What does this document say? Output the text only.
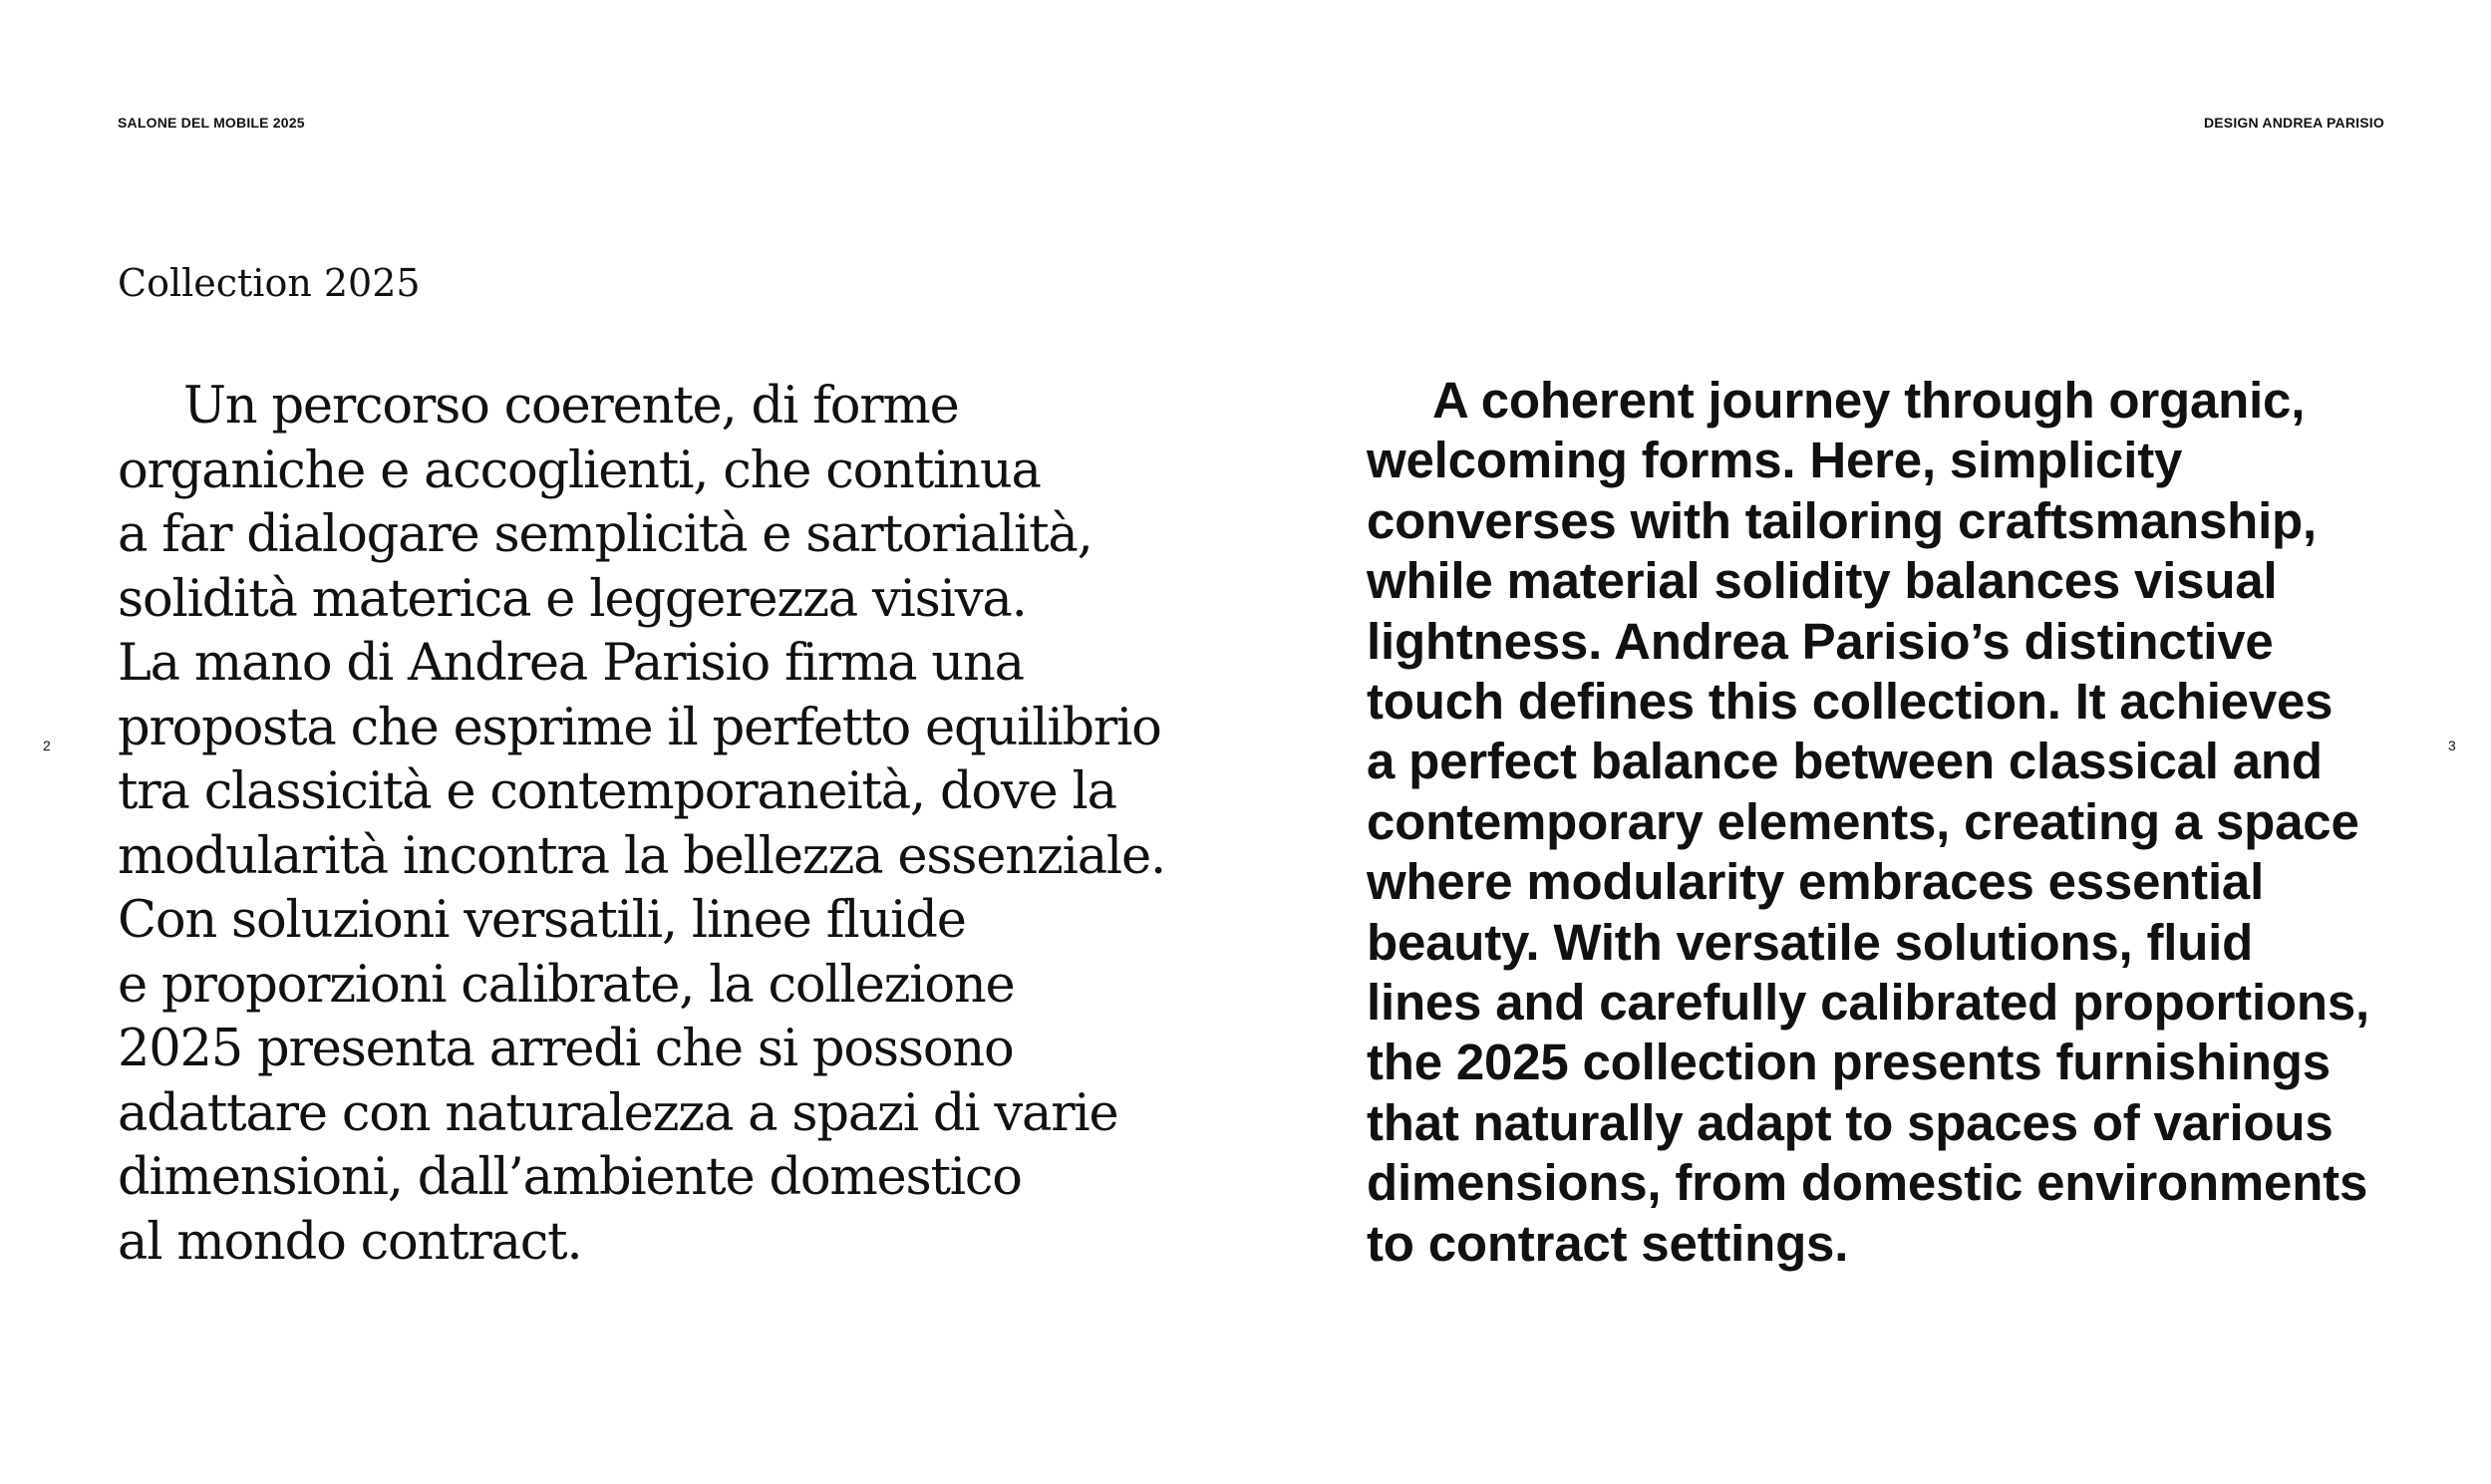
SALONE DEL MOBILE 2025	DESIGN ANDREA PARISIO
2	3
Collection 2025
Un percorso coerente, di forme
organiche e accoglienti, che continua
a far dialogare semplicità e sartorialità,
solidità materica e leggerezza visiva.
La mano di Andrea Parisio firma una
proposta che esprime il perfetto equilibrio
tra classicità e contemporaneità, dove la
modularità incontra la bellezza essenziale.
Con soluzioni versatili, linee fluide
e proporzioni calibrate, la collezione
2025 presenta arredi che si possono
adattare con naturalezza a spazi di varie
dimensioni, dall’ambiente domestico
al mondo contract.
A coherent journey through organic,
welcoming forms. Here, simplicity
converses with tailoring craftsmanship,
while material solidity balances visual
lightness. Andrea Parisio’s distinctive
touch defines this collection. It achieves
a perfect balance between classical and
contemporary elements, creating a space
where modularity embraces essential
beauty. With versatile solutions, fluid
lines and carefully calibrated proportions,
the 2025 collection presents furnishings
that naturally adapt to spaces of various
dimensions, from domestic environments
to contract settings.
